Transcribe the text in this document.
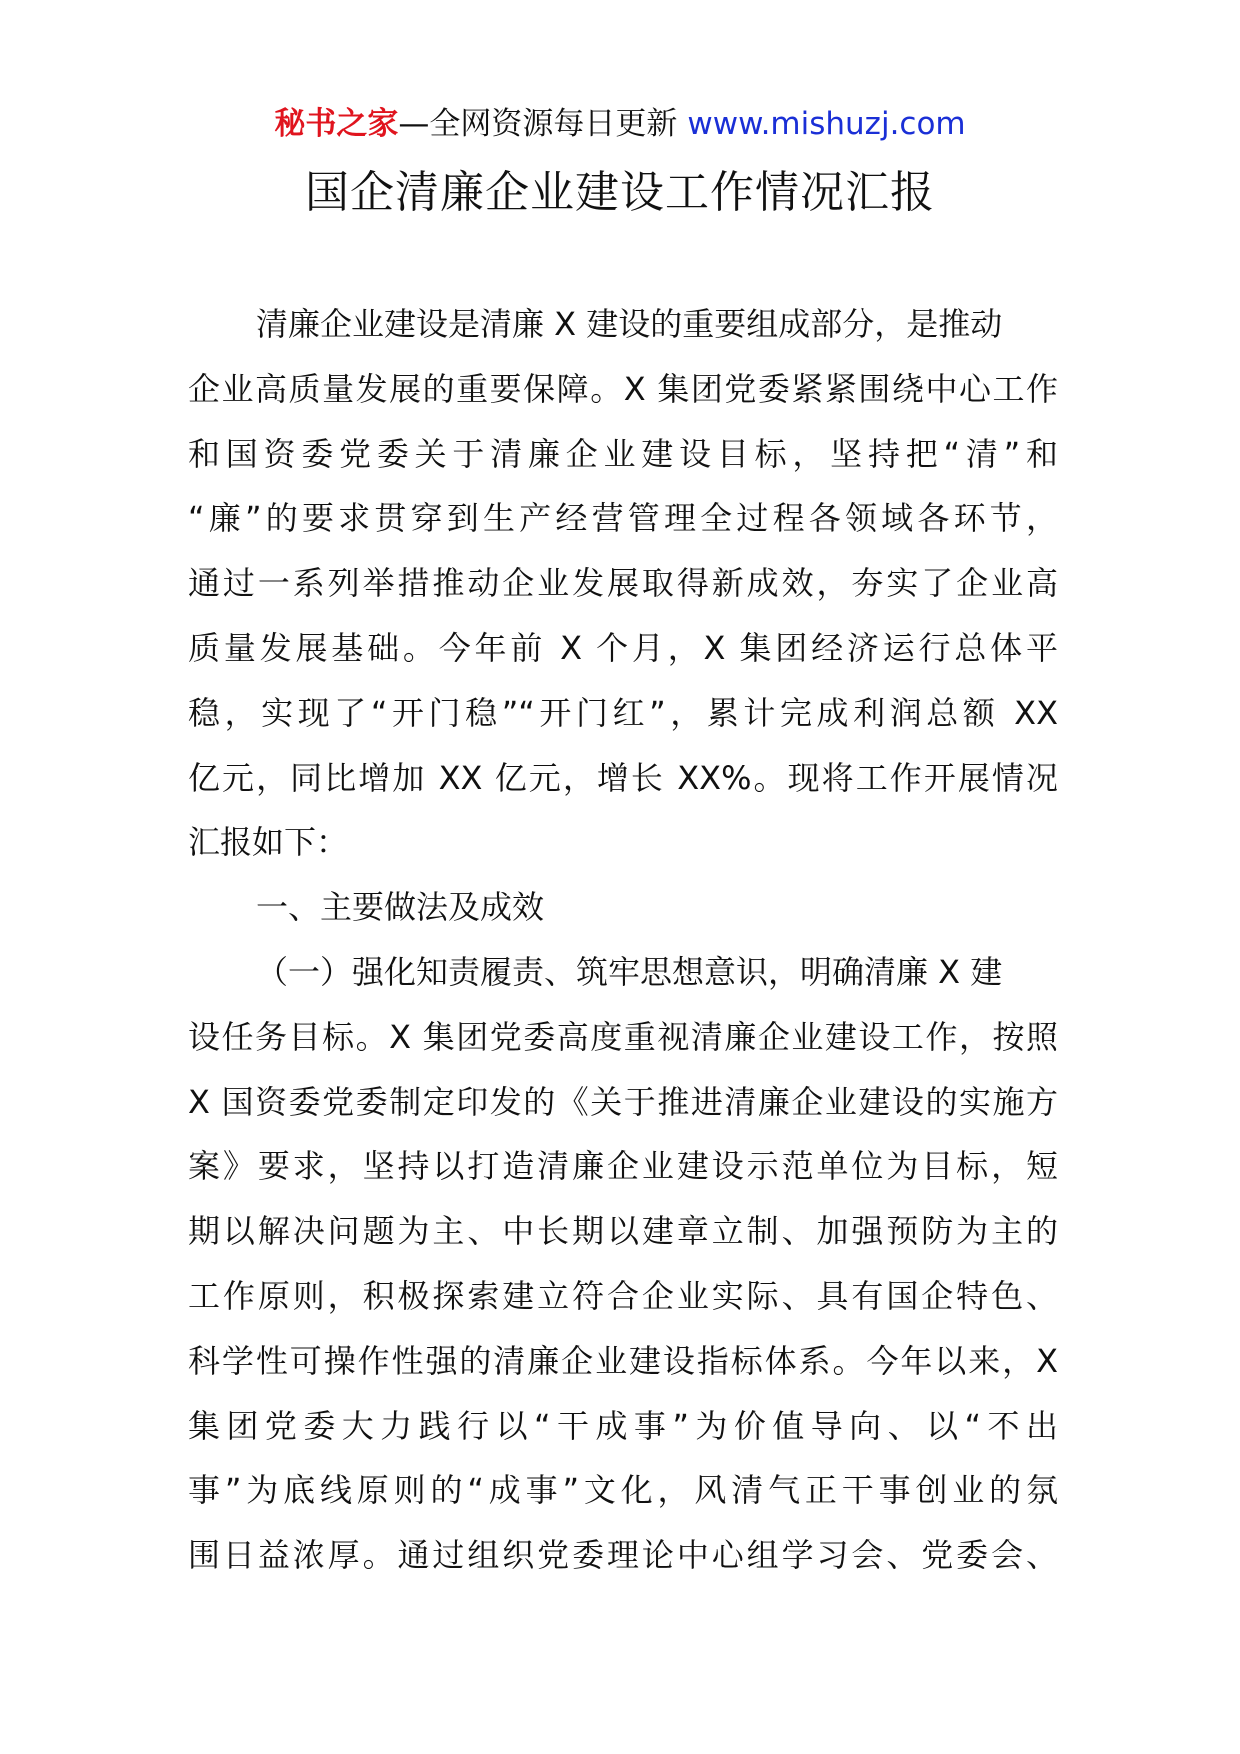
秘书之家—全网资源每日更新 www.mishuzj.com
国企清廉企业建设工作情况汇报
清廉企业建设是清廉 X 建设的重要组成部分，是推动
企业高质量发展的重要保障。X 集团党委紧紧围绕中心工作
和国资委党委关于清廉企业建设目标，坚持把“清”和
“廉”的要求贯穿到生产经营管理全过程各领域各环节，
通过一系列举措推动企业发展取得新成效，夯实了企业高
质量发展基础。今年前 X 个月，X 集团经济运行总体平
稳，实现了“开门稳”“开门红”，累计完成利润总额 XX
亿元，同比增加 XX 亿元，增长 XX%。现将工作开展情况
汇报如下：
一、主要做法及成效
（一）强化知责履责、筑牢思想意识，明确清廉 X 建
设任务目标。X 集团党委高度重视清廉企业建设工作，按照
X 国资委党委制定印发的《关于推进清廉企业建设的实施方
案》要求，坚持以打造清廉企业建设示范单位为目标，短
期以解决问题为主、中长期以建章立制、加强预防为主的
工作原则，积极探索建立符合企业实际、具有国企特色、
科学性可操作性强的清廉企业建设指标体系。今年以来，X
集团党委大力践行以“干成事”为价值导向、以“不出
事”为底线原则的“成事”文化，风清气正干事创业的氛
围日益浓厚。通过组织党委理论中心组学习会、党委会、
